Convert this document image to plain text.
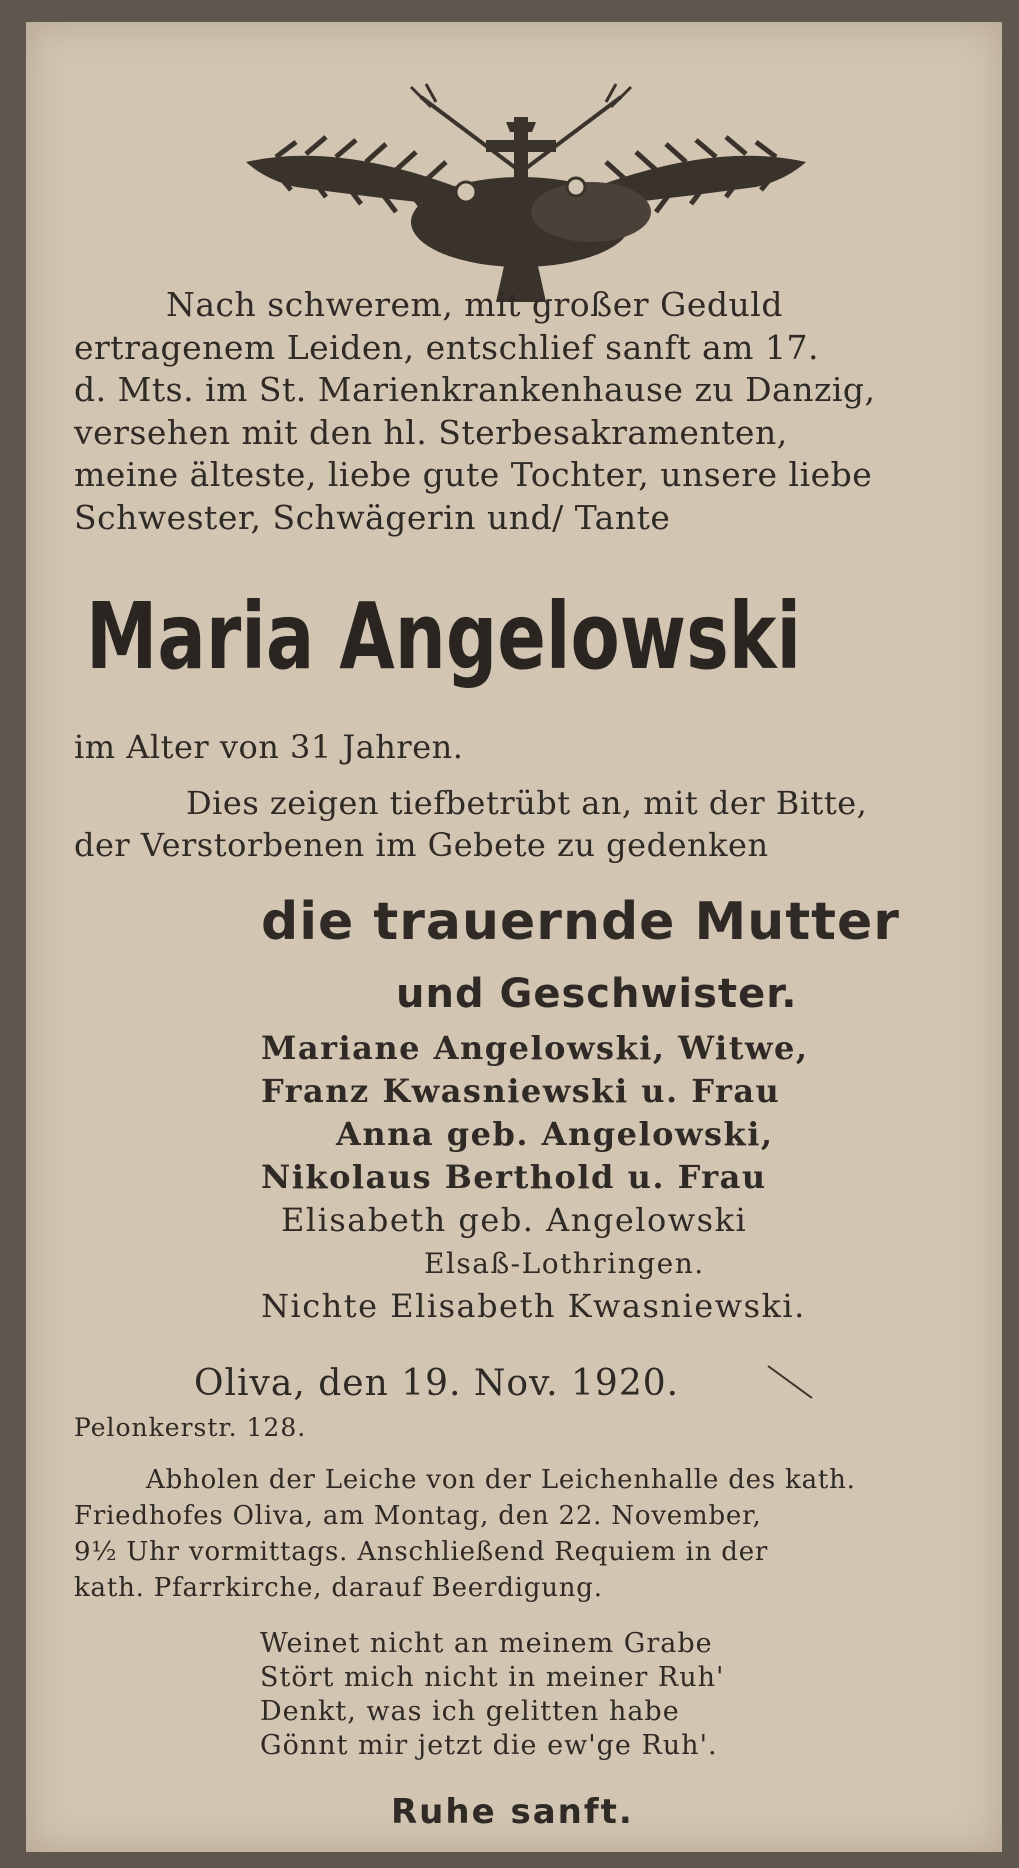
Nach schwerem, mit großer Geduld
ertragenem Leiden, entschlief sanft am 17.
d. Mts. im St. Marienkrankenhause zu Danzig,
versehen mit den hl. Sterbesakramenten,
meine älteste, liebe gute Tochter, unsere liebe
Schwester, Schwägerin und/ Tante
Maria Angelowski
im Alter von 31 Jahren.
Dies zeigen tiefbetrübt an, mit der Bitte,
der Verstorbenen im Gebete zu gedenken
die trauernde Mutter
und Geschwister.
Mariane Angelowski, Witwe,
Franz Kwasniewski u. Frau
Anna geb. Angelowski,
Nikolaus Berthold u. Frau
Elisabeth geb. Angelowski
Elsaß-Lothringen.
Nichte Elisabeth Kwasniewski.
Oliva, den 19. Nov. 1920.
Pelonkerstr. 128.
Abholen der Leiche von der Leichenhalle des kath.
Friedhofes Oliva, am Montag, den 22. November,
9½ Uhr vormittags. Anschließend Requiem in der
kath. Pfarrkirche, darauf Beerdigung.
Weinet nicht an meinem Grabe
Stört mich nicht in meiner Ruh'
Denkt, was ich gelitten habe
Gönnt mir jetzt die ew'ge Ruh'.
Ruhe sanft.
